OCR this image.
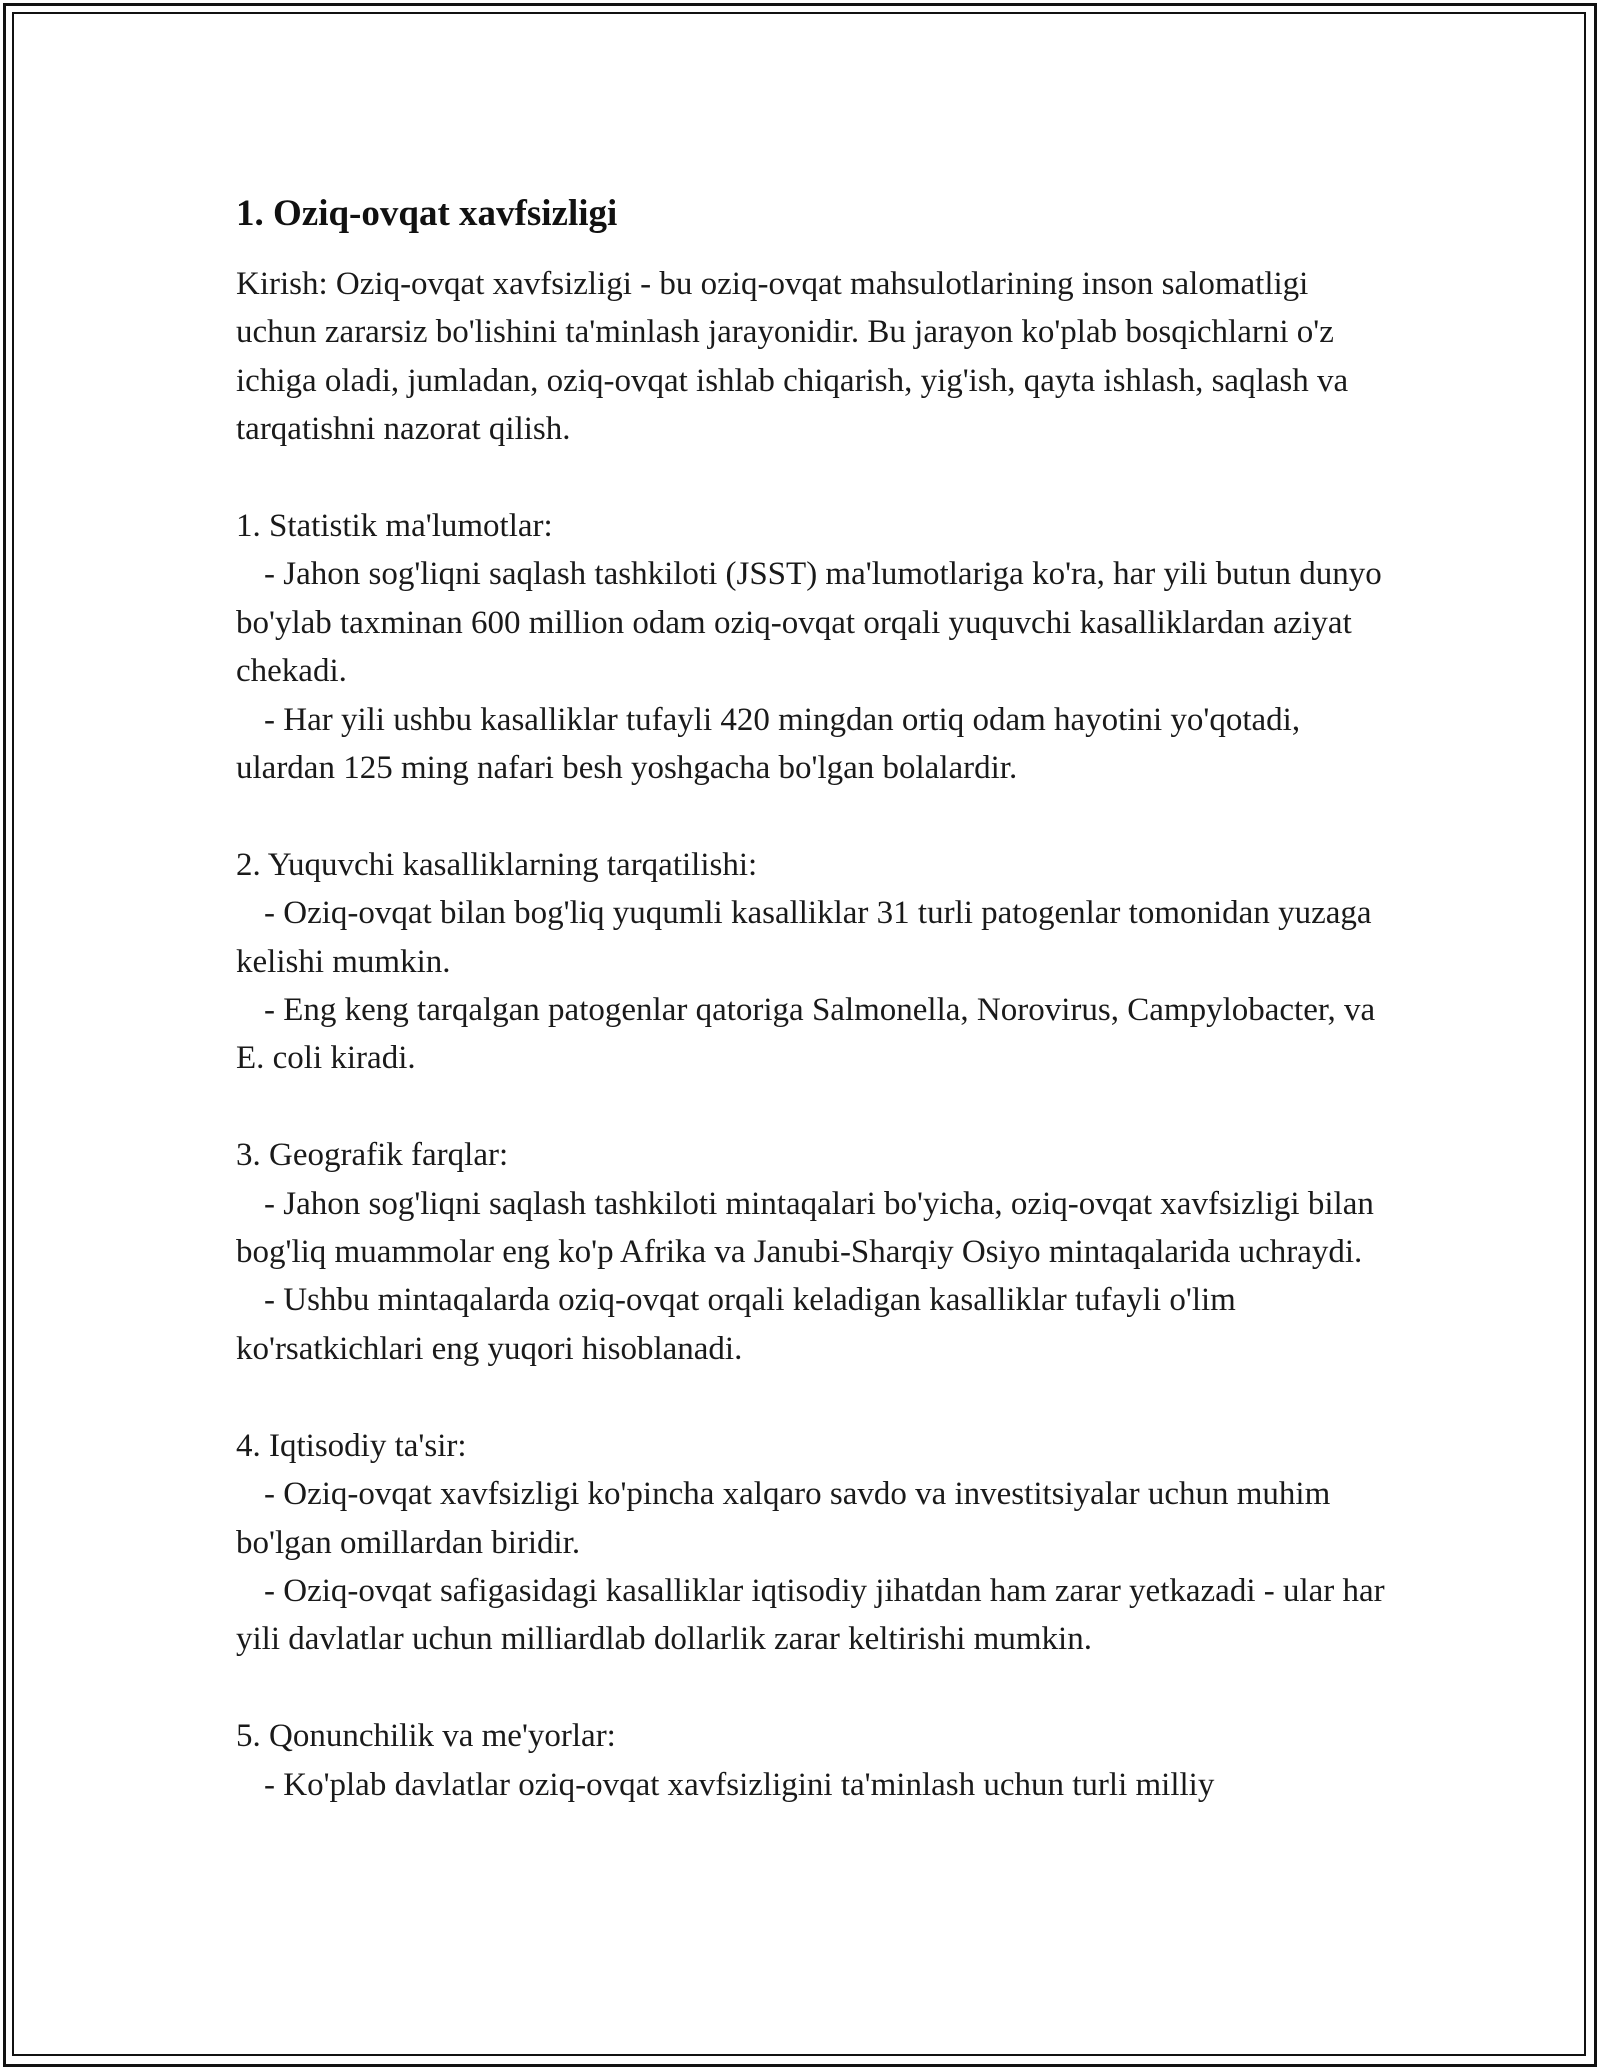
1. Oziq-ovqat xavfsizligi

Kirish: Oziq-ovqat xavfsizligi - bu oziq-ovqat mahsulotlarining inson salomatligi uchun zararsiz bo'lishini ta'minlash jarayonidir. Bu jarayon ko'plab bosqichlarni o'z ichiga oladi, jumladan, oziq-ovqat ishlab chiqarish, yig'ish, qayta ishlash, saqlash va tarqatishni nazorat qilish.

1. Statistik ma'lumotlar:

- Jahon sog'liqni saqlash tashkiloti (JSST) ma'lumotlariga ko'ra, har yili butun dunyo bo'ylab taxminan 600 million odam oziq-ovqat orqali yuquvchi kasalliklardan aziyat chekadi.

- Har yili ushbu kasalliklar tufayli 420 mingdan ortiq odam hayotini yo'qotadi, ulardan 125 ming nafari besh yoshgacha bo'lgan bolalardir.

2. Yuquvchi kasalliklarning tarqatilishi:

- Oziq-ovqat bilan bog'liq yuqumli kasalliklar 31 turli patogenlar tomonidan yuzaga kelishi mumkin.

- Eng keng tarqalgan patogenlar qatoriga Salmonella, Norovirus, Campylobacter, va E. coli kiradi.

3. Geografik farqlar:

- Jahon sog'liqni saqlash tashkiloti mintaqalari bo'yicha, oziq-ovqat xavfsizligi bilan bog'liq muammolar eng ko'p Afrika va Janubi-Sharqiy Osiyo mintaqalarida uchraydi.

- Ushbu mintaqalarda oziq-ovqat orqali keladigan kasalliklar tufayli o'lim ko'rsatkichlari eng yuqori hisoblanadi.

4. Iqtisodiy ta'sir:

- Oziq-ovqat xavfsizligi ko'pincha xalqaro savdo va investitsiyalar uchun muhim bo'lgan omillardan biridir.

- Oziq-ovqat safigasidagi kasalliklar iqtisodiy jihatdan ham zarar yetkazadi - ular har yili davlatlar uchun milliardlab dollarlik zarar keltirishi mumkin.

5. Qonunchilik va me'yorlar:

- Ko'plab davlatlar oziq-ovqat xavfsizligini ta'minlash uchun turli milliy
